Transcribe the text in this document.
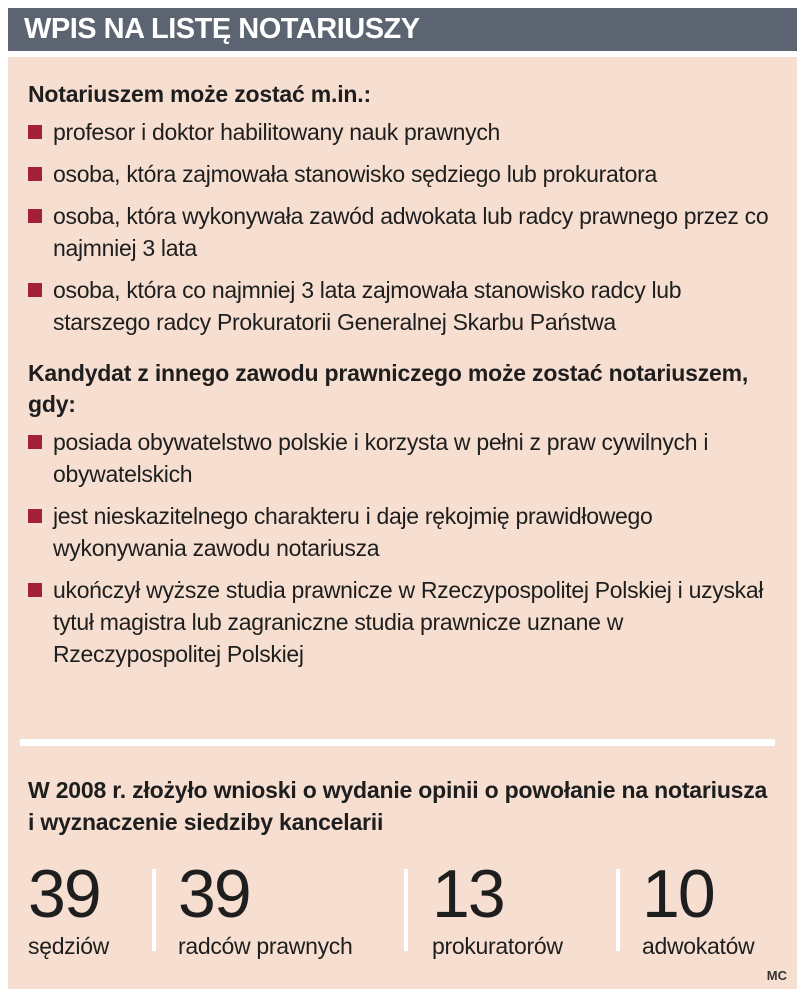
WPIS NA LISTĘ NOTARIUSZY

Notariuszem może zostać m.in.:

profesor i doktor habilitowany nauk prawnych
osoba, która zajmowała stanowisko sędziego lub prokuratora
osoba, która wykonywała zawód adwokata lub radcy prawnego przez co najmniej 3 lata
osoba, która co najmniej 3 lata zajmowała stanowisko radcy lub starszego radcy Prokuratorii Generalnej Skarbu Państwa

Kandydat z innego zawodu prawniczego może zostać notariuszem, gdy:

posiada obywatelstwo polskie i korzysta w pełni z praw cywilnych i obywatelskich
jest nieskazitelnego charakteru i daje rękojmię prawidłowego wykonywania zawodu notariusza
ukończył wyższe studia prawnicze w Rzeczypospolitej Polskiej i uzyskał tytuł magistra lub zagraniczne studia prawnicze uznane w Rzeczypospolitej Polskiej
W 2008 r. złożyło wnioski o wydanie opinii o powołanie na notariusza i wyznaczenie siedziby kancelarii
39
sędziów
39
radców prawnych
13
prokuratorów
10
adwokatów
MC
